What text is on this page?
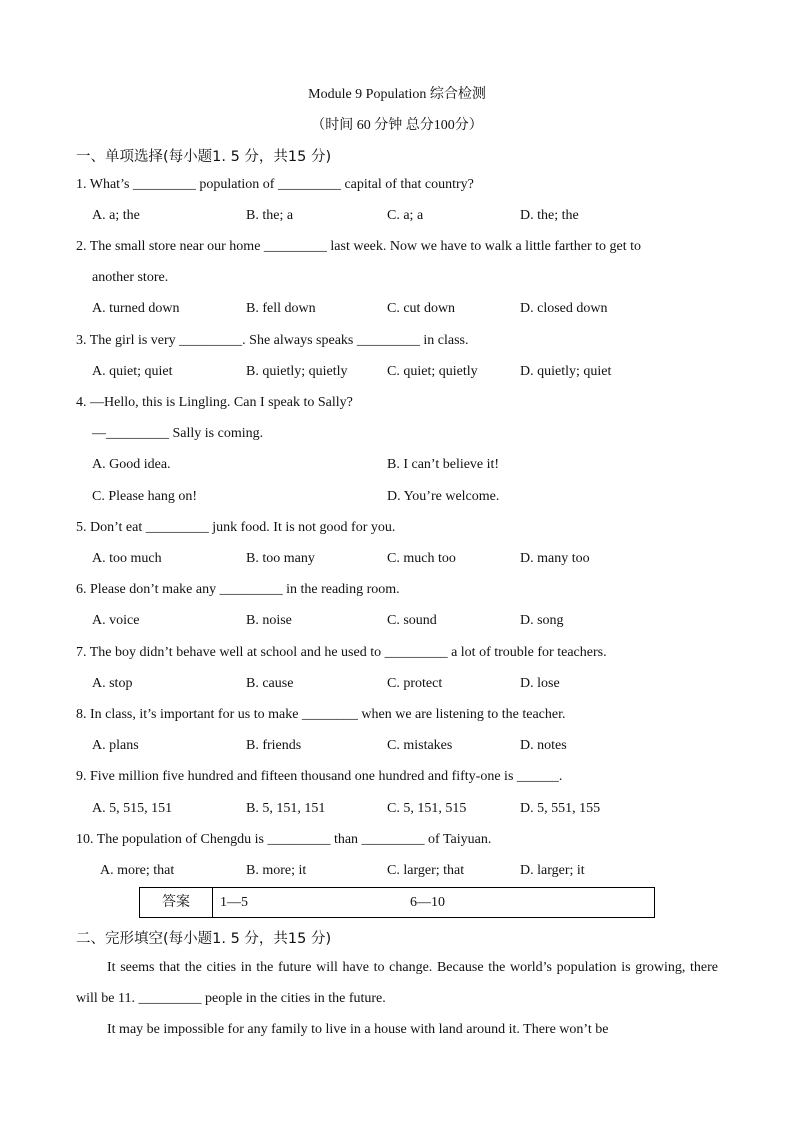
Module 9 Population 综合检测
（时间 60 分钟 总分100分）
一、单项选择(每小题1. 5 分，共15 分)
1. What’s _________ population of _________ capital of that country?
A. a; the	B. the; a	C. a; a	D. the; the
2. The small store near our home _________ last week. Now we have to walk a little farther to get to
another store.
A. turned down	B. fell down	C. cut down	D. closed down
3. The girl is very _________. She always speaks _________ in class.
A. quiet; quiet	B. quietly; quietly	C. quiet; quietly	D. quietly; quiet
4. —Hello, this is Lingling. Can I speak to Sally?
—_________ Sally is coming.
A. Good idea.	B. I can’t believe it!
C. Please hang on!	D. You’re welcome.
5. Don’t eat _________ junk food. It is not good for you.
A. too much	B. too many	C. much too	D. many too
6. Please don’t make any _________ in the reading room.
A. voice	B. noise	C. sound	D. song
7. The boy didn’t behave well at school and he used to _________ a lot of trouble for teachers.
A. stop	B. cause	C. protect	D. lose
8. In class, it’s important for us to make ________ when we are listening to the teacher.
A. plans	B. friends	C. mistakes	D. notes
9. Five million five hundred and fifteen thousand one hundred and fifty-one is ______.
A. 5, 515, 151	B. 5, 151, 151	C. 5, 151, 515	D. 5, 551, 155
10. The population of Chengdu is _________ than _________ of Taiyuan.
A. more; that	B. more; it	C. larger; that	D. larger; it
答案	1—5	6—10
二、完形填空(每小题1. 5 分，共15 分)
It seems that the cities in the future will have to change. Because the world’s population is growing, there will be 11. _________ people in the cities in the future.
It may be impossible for any family to live in a house with land around it. There won’t be
